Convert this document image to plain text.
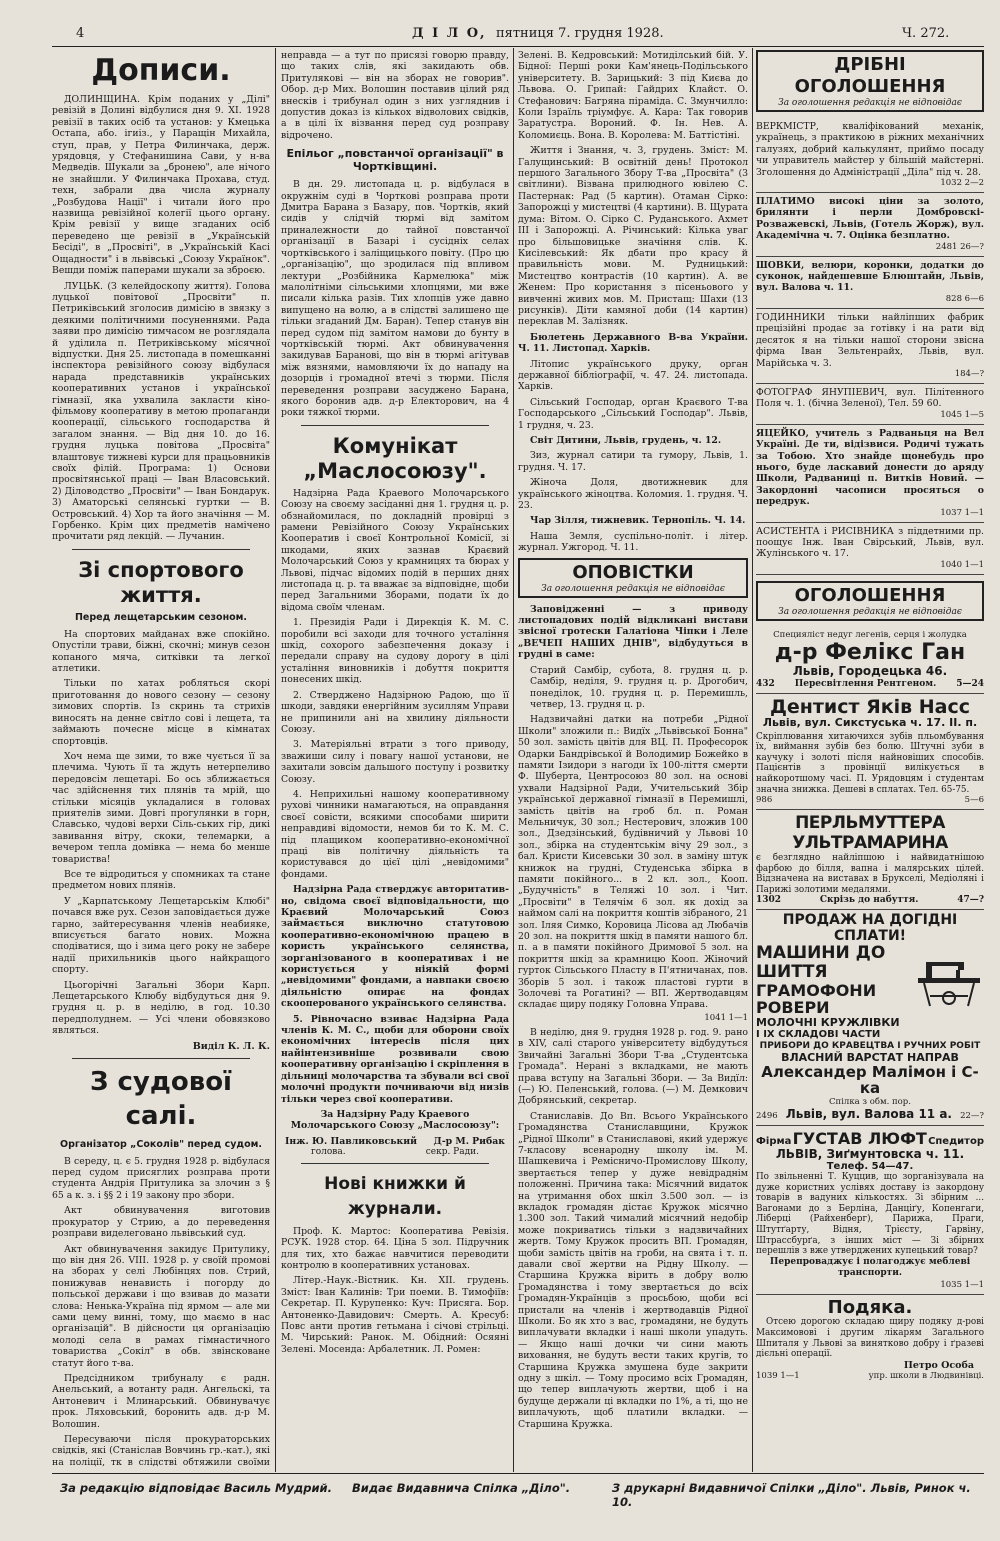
4	Д І Л О, пятниця 7. грудня 1928.	Ч. 272.
Дописи.

ДОЛИНЩИНА. Крім поданих у „Ділі" ревізій в Долині відбулися дня 9. XI. 1928 ревізії в таких осіб та установ: у Кмецька Остапа, або. ігиіз., у Паращін Михайла, ступ, прав, у Петра Филинчака, держ. урядовця, у Стефанишина Сави, у н-ва Медведів. Шукали за „бронею", але нічого не знайшли. У Филинчака Прохава, студ. техн, забрали два числа журналу „Розбудова Нації" і читали його про назвища ревізійної колегії цього органу. Крім ревізії у вище згаданих осіб переведено ще ревізії в „Українській Бесіді", в „Просвіті", в „Українській Касі Ощадности" і в львівські „Союзу Українок". Вешди поміж паперами шукали за зброєю.

ЛУЦЬК. (З келейдоскопу життя). Голова луцької повітової „Просвіти" п. Петриківський зголосив димісію в звязку з деякими політичними посуненнями. Рада заяви про димісію тимчасом не розглядала й уділила п. Петриківському місячної відпустки. Дня 25. листопада в помешканні інспектора ревізійного союзу відбулася нарада представників українських кооперативних установ і української гімназії, яка ухвалила закласти кіно-фільмову кооперативу в метою пропаганди кооперації, сільського господарства й загалом знання. — Від дня 10. до 16. грудня луцька повітова „Просвіта" влаштовує тижневі курси для працьовників своїх філій. Програма: 1) Основи просвітянської праці — Іван Власовський. 2) Діловодство „Просвіти" — Іван Бондарук. 3) Аматорські селянські гуртки — В. Островський. 4) Хор та його значіння — М. Горбенко. Крім цих предметів намічено прочитати ряд лекцій. — Лучанин.

Зі спортового життя.
Перед лещетарським сезоном.

На спортових майданах вже спокійно. Опустіли трави, біжні, скочні; минув сезон копаного мяча, ситківки та легкої атлетики.

Тільки по хатах робляться скорі приготовання до нового сезону — сезону зимових спортів. Із скринь та стрихів виносять на денне світло сові і лещета, та займають почесне місце в кімнатах спортовців.

Хоч нема ще зими, то вже чується її за плечима. Чують її та ждуть нетерпеливо передовсім лещетарі. Бо ось зближається час здійснення тих плянів та мрій, що стільки місяців укладалися в головах приятелів зими. Довгі прогулянки в горн, Славсько, чудові верхи Сіль-ських гір, дикі завивання вітру, скоки, телемарки, а вечером тепла домівка — нема бо менше товариства!

Все те відродиться у спомниках та стане предметом нових плянів.

У „Карпатському Лещетарськім Клюбі" почався вже рух. Сезон заповідається дуже гарно, зайтересування членів неабияке, вписується багато нових. Можна сподіватися, що і зима цего року не забере надії прихильників цього найкращого спорту.

Цьогорічні Загальні Збори Карп. Лещетарського Клюбу відбудуться дня 9. грудня ц. р. в неділю, в год. 10.30 передполуднем. — Усі члени обовязково являться.

Виділ К. Л. К.
З судової салі.
Організатор „Соколів" перед судом.

В середу, ц. є 5. грудня 1928 р. відбулася перед судом присяглих розправа проти студента Андрія Притулика за злочин з § 65 а к. з. і §§ 2 і 19 закону про збори.

Акт обвинувачення виготовив прокуратор у Стрию, а до переведення розправи виделеговано львівський суд.

Акт обвинувачення закидує Притулику, що він дня 26. VIII. 1928 р. у своїй промові на зборах у селі Любінцях пов. Стрий, понижував ненависть і погорду до польської держави і що взивав до мазати слова: Ненька-Україна під ярмом — але ми сами цему винні, тому, що маємо в нас організацій". В дійсности ця організацію молоді села в рамах гімнастичного товариства „Сокіл" в обв. звінсковане статут його т-ва.

Предсідником трибуналу є радн. Анельський, а вотанту радн. Ангельскі, та Антоневич і Млинарський. Обвинувачує прок. Ляховський, боронить адв. д-р М. Волошин.

Пересуваючи після прокураторських свідків, які (Станіслав Вовчинь гр.-кат.), які на поліції, тк в слідстві обтяжили своїми

неправда — а тут по присязі говорю правду, що таких слів, які закидають обв. Притулякові — він на зборах не говорив". Обор. д-р Мих. Волошин поставив цілий ряд внесків і трибунал один з них узгляднив і допустив доказ із кількох відволових свідків, а в цілі їх візвання перед суд розправу відрочено.

Епільог „повстанчої організації" в Чортківщині.

В дн. 29. листопада ц. р. відбулася в окружнім суді в Чорткові розправа проти Дмитра Барана з Базару, пов. Чортків, який сидів у слідчій тюрмі від замітом приналежности до тайної повстанчої організації в Базарі і сусідніх селах чортківського і заліщицького повіту. (Про цю „організацію", що зродилася під впливом лектури „Розбійника Кармелюка" між малолітніми сільськими хлопцями, ми вже писали кілька разів. Тих хлопців уже давно випущено на волю, а в слідстві залишено ще тільки згаданий Дм. Баран). Тепер станув він перед судом під замітом намови до бунту в чортківській тюрмі. Акт обвинувачення закидував Баранові, що він в тюрмі агітував між вязнями, намовляючи їх до нападу на дозорців і громадної втечі з тюрми. Після переведення розправи засуджено Барана, якого боронив адв. д-р Електорович, на 4 роки тяжкої тюрми.

Комунікат „Маслосоюзу".

Надзірна Рада Краевого Молочарського Союзу на своєму засіданні дня 1. грудня ц. р. обзнайомилася, по докладній провірці з рамени Ревізійного Союзу Українських Кооператив і своєї Контрольної Комісії, зі шкодами, яких зазнав Краєвий Молочарський Союз у крамницях та бюрах у Львові, підчас відомих подій в перших днях листопада ц. р. та вважає за відповідне, щоби перед Загальними Зборами, подати їх до відома своїм членам.

1. Президія Ради і Дирекція К. М. С. поробили всі заходи для точного устаління шкід, сохорого забезпечення доказу і передали справу на судову дорогу в цілі устаління виновників і добуття покриття понесених шкід.

2. Стверджено Надзірною Радою, що її шкоди, завдяки енергійним зусиллям Управи не припинили ані на хвилину діяльности Союзу.

3. Матеріяльні втрати з того приводу, зважиши силу і повагу нашої установи, не захитали зовсім дальшого поступу і розвитку Союзу.

4. Неприхильні нашому кооперативному рухові чинники намагаються, на оправдання своєї совісти, всякими способами ширити неправдиві відомости, немов би то К. М. С. під плащиком кооперативно-економічної праці вів політичну діяльність та користувався до цієї цілі „невідомими" фондами.

Надзірна Рада стверджує авторитативно, свідома своєї відповідальности, що Краєвий Молочарський Союз займається виключно статутовою кооперативно-економічною працею в користь українського селянства, зорганізованого в кооперативах і не користується у ніякій формі „невідомими" фондами, а навпаки своєю діяльністю опирає на фондах скооперованого українського селянства.

5. Рівночасно взиває Надзірна Рада членів К. М. С., щоби для оборони своїх економічних інтересів після цих найінтензивніше розвивали свою кооперативну організацію і скріплення в дільниці молочарства та збували всі свої молочні продукти почниваючи від низів тільки через свої кооперативи.

За Надзірну Раду Краевого Молочарського Союзу „Маслосоюзу":

Інж. Ю. Павликовський Д-р М. Рибак
голова.	секр. Ради.
Нові книжки й журнали.

Проф. К. Мартос: Кооператива Ревізія. РСУК. 1928 стор. 64. Ціна 5 зол. Підручник для тих, хто бажає навчитися переводити контролю в кооперативних установах.

Літер.-Наук.-Вістник. Кн. XII. грудень. Зміст: Іван Калинів: Три поеми. В. Тимофіїв: Секретар. П. Курупенко: Куч: Присяга. Бор. Антоненко-Давидович: Смерть. А. Кресуб: Повс анти против гетьмана і січові стрільці. М. Чирський: Ранок. М. Обідний: Осяяні Зелені. Мосенда: Арбалетник. Л. Ромен:

Зелені. В. Кедровський: Мотиділський бій. У. Бідної: Перші роки Кам'янець-Подільського університету. В. Зарицький: З під Києва до Львова. О. Грипай: Гайдрих Клайст. О. Стефанович: Багряна піраміда. С. Змунчилло: Коли Ізраїль тріумфує. А. Кара: Так говорив Заратустра. Вороний. Ф. Ін. Нев. А. Коломиєць. Вона. В. Королева: М. Баттістіні.

Життя і Знання, ч. 3, грудень. Зміст: М. Галущинський: В освітній день! Протокол першого Загального Збору Т-ва „Просвіта" (3 світлини). Візвана прилюдного ювілею С. Пастернак: Рад (5 картин). Отаман Сірко: Запорожці у мистецтві (4 картини). В. Щурата дума: Вітом. О. Сірко С. Руданського. Ахмет III і Запорожці. А. Річинський: Кілька уваг про більшовицьке значіння слів. К. Кисілевський: Як дбати про красу й правильність мови. М. Рудницький: Мистецтво контрастів (10 картин). А. ве Женем: Про користання з пісеньового у вивченні живих мов. М. Пристащ: Шахи (13 рисунків). Діти камяної доби (14 картин) переклав М. Залізняк.

Бюлетень Державного В-ва України. Ч. 11. Листопад. Харків.

Літопис українського друку, орган державної бібліографії, ч. 47. 24. листопада. Харків.

Сільський Господар, орган Краєвого Т-ва Господарського „Сільський Господар". Львів, 1 грудня, ч. 23.

Світ Дитини, Львів, грудень, ч. 12.

Зиз, журнал сатири та гумору, Львів, 1. грудня. Ч. 17.

Жіноча Доля, двотижневик для українського жіноцтва. Коломия. 1. грудня. Ч. 23.

Чар Зілля, тижневик. Тернопіль. Ч. 14.

Наша Земля, суспільно-політ. і літер. журнал. Ужгород. Ч. 11.

ОПОВІСТКИ
За оголошення редакція не відповідає

Заповідженні — з приводу листопадових подій відкликані вистави звісної гротески Галатіона Чіпки і Леле „ВЕЧЕП НАШИХ ДНІВ", відбудуться в грудні в саме:

Старий Самбір, субота, 8. грудня ц. р. Самбір, неділя, 9. грудня ц. р. Дрогобич, понеділок, 10. грудня ц. р. Перемишль, четвер, 13. грудня ц. р.

Надзвичайні датки на потреби „Рідної Школи" зложили п.: Видїх „Львівської Бонна" 50 зол. замість цвітів для ВЦ. П. Професорок Одарки Бандрівської й Володимир Божейко в памяти Ізидори з нагоди їх 100-ліття смерти Ф. Шуберта, Центросоюз 80 зол. на основі ухвали Надзірної Ради, Учительський Збір української державної гімназії в Перемишлі, замість цвітів на гроб бл. п. Роман Мельничук, 30 зол.; Нестерович, зложив 100 зол., Дзедзінський, будівничий у Львові 10 зол., збірка на студентськім вічу 29 зол., з бал. Кристи Кисевськи 30 зол. в заміну штук книжок на грудні, Студенська збірка в памяти покійного... в 2 кл. зол., Кооп. „Будучність" в Теляжі 10 зол. і Чит. „Просвіти" в Телячім 6 зол. як дохід за наймом салі на покриття коштів зібраного, 21 зол. Іляя Симко, Коровица Лісова ад Любачів 20 зол. на покриття шкід в памяти нашого бл. п. а в памяти покійного Дримової 5 зол. на покриття шкід за крамницю Кооп. Жіночий гурток Сільського Пласту в П'ятничанах, пов. Зборів 5 зол. і також пластові гурти в Золочеві та Рогатині? — ВП. Жертводавцям складає щиру подяку Головна Управа.

1041 1—1

В неділю, дня 9. грудня 1928 р. год. 9. рано в XIV, салі старого університету відбудуться Звичайні Загальні Збори Т-ва „Студентська Громада". Нерані з вкладками, не мають права вступу на Загальні Збори. — За Видїл: (—) Ю. Пеленський, голова. (—) М. Демкович Добрянський, секретар.

Станиславів. До Вп. Всього Українського Громадянства Станиславщини, Кружок „Рідної Школи" в Станиславові, який удержує 7-класову всенародну школу ім. М. Шашкевича і Ремісничо-Промислову Школу, звертається тепер у дуже невідраднім положенні. Причина така: Місячний видаток на утримання обох шкіл 3.500 зол. — із вкладок громадян дістає Кружок місячно 1.300 зол. Такий чималий місячний недобір може покриватись тільки з надзвичайних жертв. Тому Кружок просить ВП. Громадян, щоби замість цвітів на гроби, на свята і т. п. давали свої жертви на Рідну Школу. — Старшина Кружка вірить в добру волю Громадянства і тому звертається до всіх Громадян-Українців з просьбою, щоби всі пристали на членів і жертводавців Рідної Школи. Бо як хто з вас, громадяни, не будуть виплачувати вкладки і наші школи упадуть. — Якщо наші дочки чи сини мають виховання, не будуть вести таких кругів, то Старшина Кружка змушена буде закрити одну з шкіл. — Тому просимо всіх Громадян, що тепер виплачують жертви, щоб і на будуще держали ці вкладки по 1%, а ті, що не виплачують, щоб платили вкладки. — Старшина Кружка.

ДРІБНІ ОГОЛОШЕННЯ
За оголошення редакція не відповідає

ВЕРКМІСТР, кваліфікований механік, українець, з практикою в ріжних механічних галузях, добрий калькулянт, приймо посаду чи управитель майстер у більшій майстерні. Зголошення до Адміністрації „Діла" під ч. 28.

1032 2—2

ПЛАТИМО високі ціни за золото, брилянти і перли Домбровскі-Розважевскі, Львів, (Готель Жорж), вул. Академічна ч. 7. Оцінка безплатно.

2481 26—?

ШОВКИ, велюри, коронки, додатки до суконок, найдешевше Блюштайн, Львів, вул. Валова ч. 11.

828 6—6

ГОДИННИКИ тільки найліпших фабрик прецізійні продає за готівку і на рати від десяток я на тільки нашої сторони звісна фірма Іван Зельтенрайх, Львів, вул. Марійська ч. 3.

184—?

ФОТОГРАФ ЯНУПІЕВИЧ, вул. Пілітенного Поля ч. 1. (бічна Зеленої), Тел. 59 60.

1045 1—5

ЯЦЕЙКО, учитель з Радваньця на Вел Україні. Де ти, відізвися. Родичі тужать за Тобою. Хто знайде щонебудь про нього, буде ласкавий донести до аряду Школи, Радваниці п. Витків Новий. — Закордонні часописи просяться о передрук.

1037 1—1

АСИСТЕНТА і РИСІВНИКА з піддетними пр. поощує Інж. Іван Свірський, Львів, вул. Жулінського ч. 17.

1040 1—1
ОГОЛОШЕННЯ
За оголошення редакція не відповідає

Специяліст недуг легенів, серця і жолудка

д-р Фелікс Ган
Львів, Городецька 46.
432 Пересвітлення Рентгеном. 5—24
Дентист Яків Насс
Львів, вул. Сикстуська ч. 17. II. п.

Скріплювання хитаючихся зубів пльомбування їх, виймання зубів без болю. Штучні зуби в каучуку і золоті після найновіших способів. Пацієнтів з провінції вилікується в найкоротшому часі. П. Урядовцям і студентам значна знижка. Дешеві в сплатах. Тел. 65-75.

986	5—6
ПЕРЛЬМУТТЕРА УЛЬТРАМАРИНА

є безглядно найліпшою і найвидатнішою фарбою до білля, вапна і малярських цілей. Відзначена на виставах в Брукселі, Медіоляні і Парижі золотими медалями.

1302	Скрізь до набуття.	47—?
ПРОДАЖ НА ДОГІДНІ СПЛАТИ!
МАШИНИ ДО ШИТТЯ
ГРАМОФОНИ
РОВЕРИ
МОЛОЧНІ КРУЖЛІВКИ
І ІХ СКЛАДОВІ ЧАСТИ
ПРИБОРИ ДО КРАВЕЦТВА І РУЧНИХ РОБІТ
ВЛАСНИЙ ВАРСТАТ НАПРАВ
Александер Малімон і С-ка
Спілка з обм. пор.
2496 Львів, вул. Валова 11 а. 22—?
Фірма ГУСТАВ ЛЮФТ Спедитор
ЛЬВІВ, Зиґмунтовска ч. 11.
Телеф. 54—47.

По звільненні Т. Куццив, що зорганізувала на дуже користних услівях доставу із закордону товарів в вадуних кількостях. Зі збірним ... Вагонами до з Берліна, Данціґу, Копенгаги, Ліберці (Райхенберг), Парижа, Праги, Штутґарту, Відня, Трієсту, Гарвіну, Штрассбурґа, з інших міст — Зі збірних перешлів з вже утверджених купецький товар?

Перепроваджує і полагоджує меблеві транспорти.

1035 1—1
Подяка.

Отсею дорогою складаю щиру подяку д-рові Максимовові і другим лікарям Загального Шпиталя у Львові за винятково добру і ґразеві дієльні операції.

Петро Особа
1039 1—1	упр. школи в Людвинівці.
За редакцію відповідає Василь Мудрий. Видає Видавнича Спілка „Діло".	З друкарні Видавничої Спілки „Діло". Львів, Ринок ч. 10.
